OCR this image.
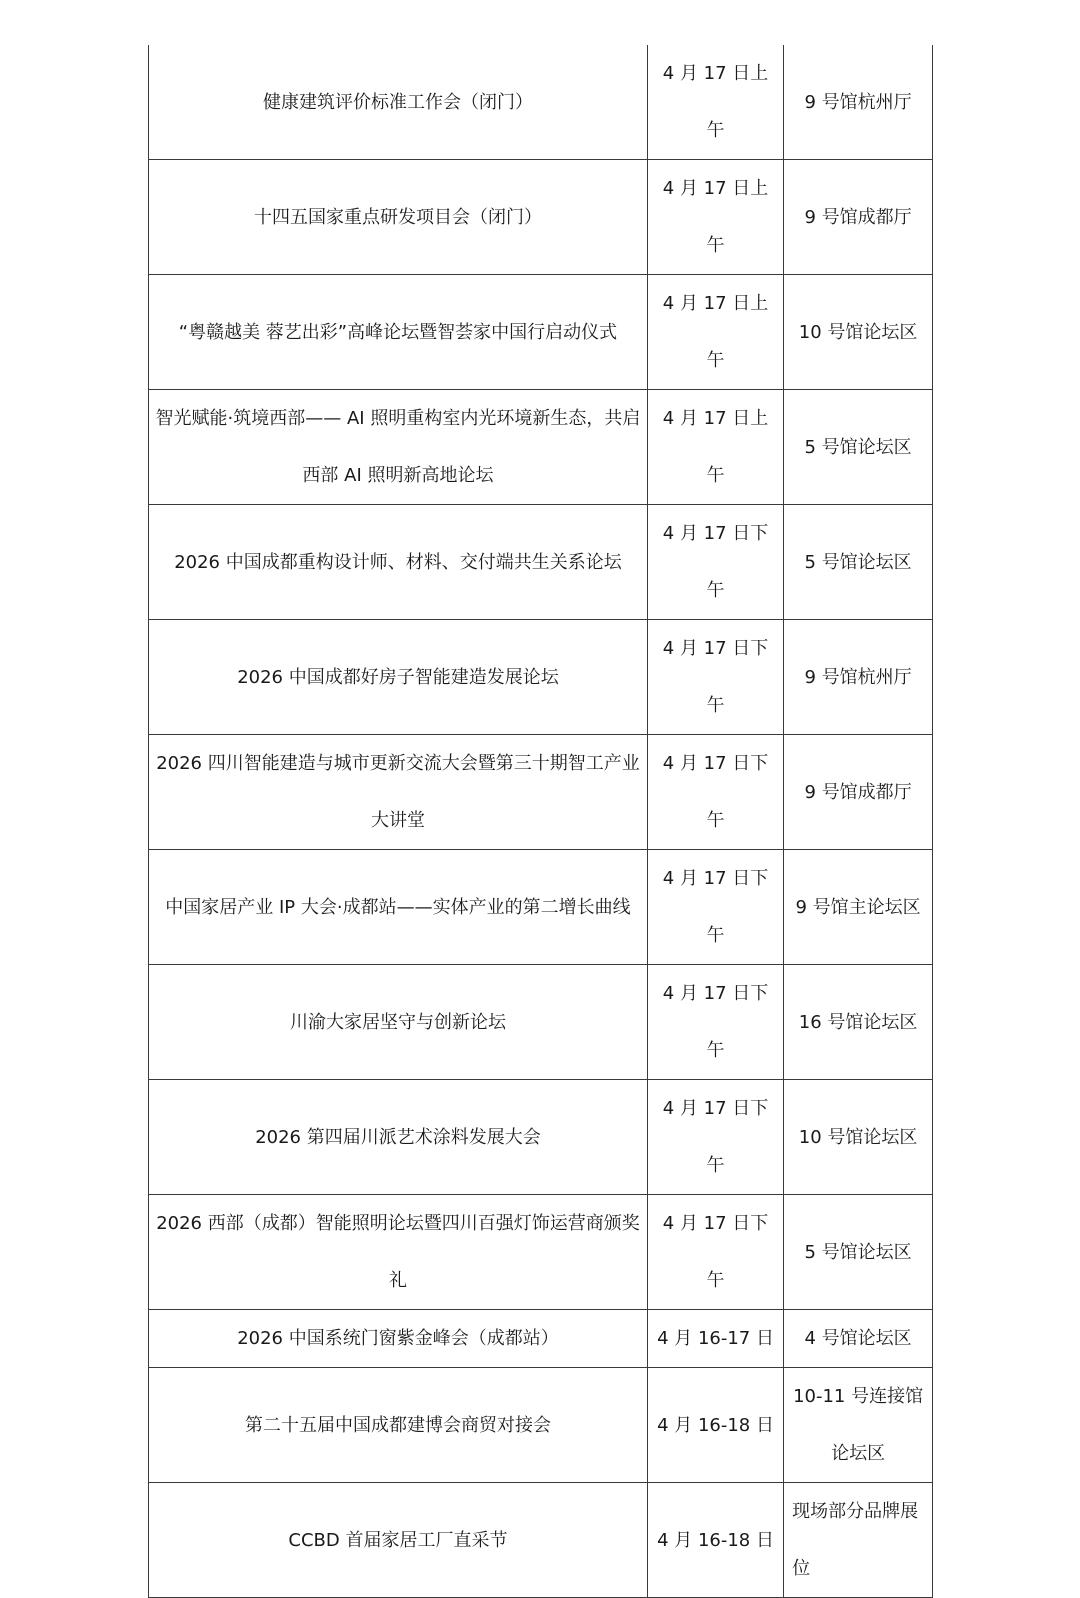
健康建筑评价标准工作会（闭门）	4 月 17 日上午	9 号馆杭州厅
十四五国家重点研发项目会（闭门）	4 月 17 日上午	9 号馆成都厅
“粤赣越美 蓉艺出彩”高峰论坛暨智荟家中国行启动仪式	4 月 17 日上午	10 号馆论坛区
智光赋能·筑境西部—— AI 照明重构室内光环境新生态，共启西部 AI 照明新高地论坛	4 月 17 日上午	5 号馆论坛区
2026 中国成都重构设计师、材料、交付端共生关系论坛	4 月 17 日下午	5 号馆论坛区
2026 中国成都好房子智能建造发展论坛	4 月 17 日下午	9 号馆杭州厅
2026 四川智能建造与城市更新交流大会暨第三十期智工产业大讲堂	4 月 17 日下午	9 号馆成都厅
中国家居产业 IP 大会·成都站——实体产业的第二增长曲线	4 月 17 日下午	9 号馆主论坛区
川渝大家居坚守与创新论坛	4 月 17 日下午	16 号馆论坛区
2026 第四届川派艺术涂料发展大会	4 月 17 日下午	10 号馆论坛区
2026 西部（成都）智能照明论坛暨四川百强灯饰运营商颁奖礼	4 月 17 日下午	5 号馆论坛区
2026 中国系统门窗紫金峰会（成都站）	4 月 16-17 日	4 号馆论坛区
第二十五届中国成都建博会商贸对接会	4 月 16-18 日	10-11 号连接馆论坛区
CCBD 首届家居工厂直采节	4 月 16-18 日	现场部分品牌展位
